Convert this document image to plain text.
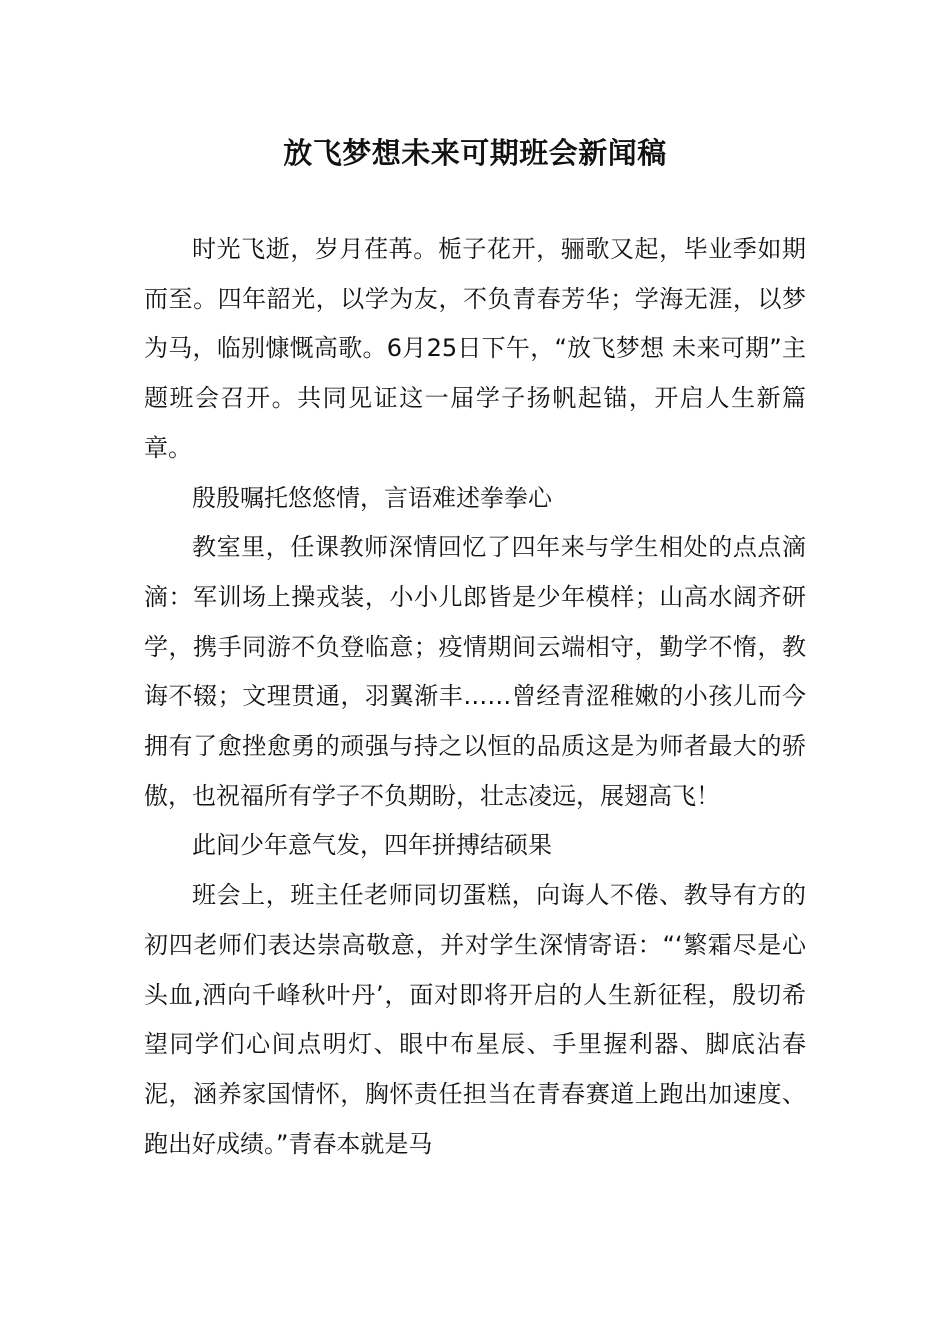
放飞梦想未来可期班会新闻稿

时光飞逝，岁月荏苒。栀子花开，骊歌又起，毕业季如期而至。四年韶光，以学为友，不负青春芳华；学海无涯，以梦为马，临别慷慨高歌。6月25日下午，“放飞梦想 未来可期”主题班会召开。共同见证这一届学子扬帆起锚，开启人生新篇章。

殷殷嘱托悠悠情，言语难述拳拳心

教室里，任课教师深情回忆了四年来与学生相处的点点滴滴：军训场上操戎装，小小儿郎皆是少年模样；山高水阔齐研学，携手同游不负登临意；疫情期间云端相守，勤学不惰，教诲不辍；文理贯通，羽翼渐丰……曾经青涩稚嫩的小孩儿而今拥有了愈挫愈勇的顽强与持之以恒的品质这是为师者最大的骄傲，也祝福所有学子不负期盼，壮志凌远，展翅高飞！

此间少年意气发，四年拼搏结硕果

班会上，班主任老师同切蛋糕，向诲人不倦、教导有方的初四老师们表达崇高敬意，并对学生深情寄语：“‘繁霜尽是心头血,洒向千峰秋叶丹’，面对即将开启的人生新征程，殷切希望同学们心间点明灯、眼中布星辰、手里握利器、脚底沾春泥，涵养家国情怀，胸怀责任担当在青春赛道上跑出加速度、跑出好成绩。”青春本就是马
